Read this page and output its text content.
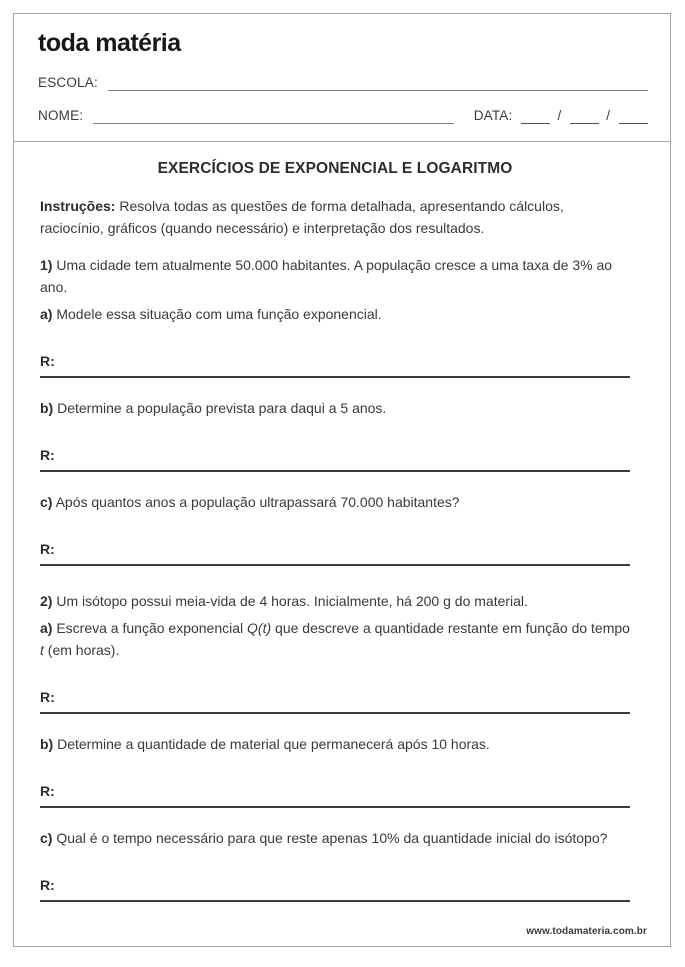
toda matéria
ESCOLA:
NOME:	DATA:	/	/
EXERCÍCIOS DE EXPONENCIAL E LOGARITMO

Instruções: Resolva todas as questões de forma detalhada, apresentando cálculos, raciocínio, gráficos (quando necessário) e interpretação dos resultados.

1) Uma cidade tem atualmente 50.000 habitantes. A população cresce a uma taxa de 3% ao ano.

a) Modele essa situação com uma função exponencial.

R:

b) Determine a população prevista para daqui a 5 anos.

R:

c) Após quantos anos a população ultrapassará 70.000 habitantes?

R:

2) Um isótopo possui meia-vida de 4 horas. Inicialmente, há 200 g do material.

a) Escreva a função exponencial Q(t) que descreve a quantidade restante em função do tempo t (em horas).

R:

b) Determine a quantidade de material que permanecerá após 10 horas.

R:

c) Qual é o tempo necessário para que reste apenas 10% da quantidade inicial do isótopo?

R:
www.todamateria.com.br
